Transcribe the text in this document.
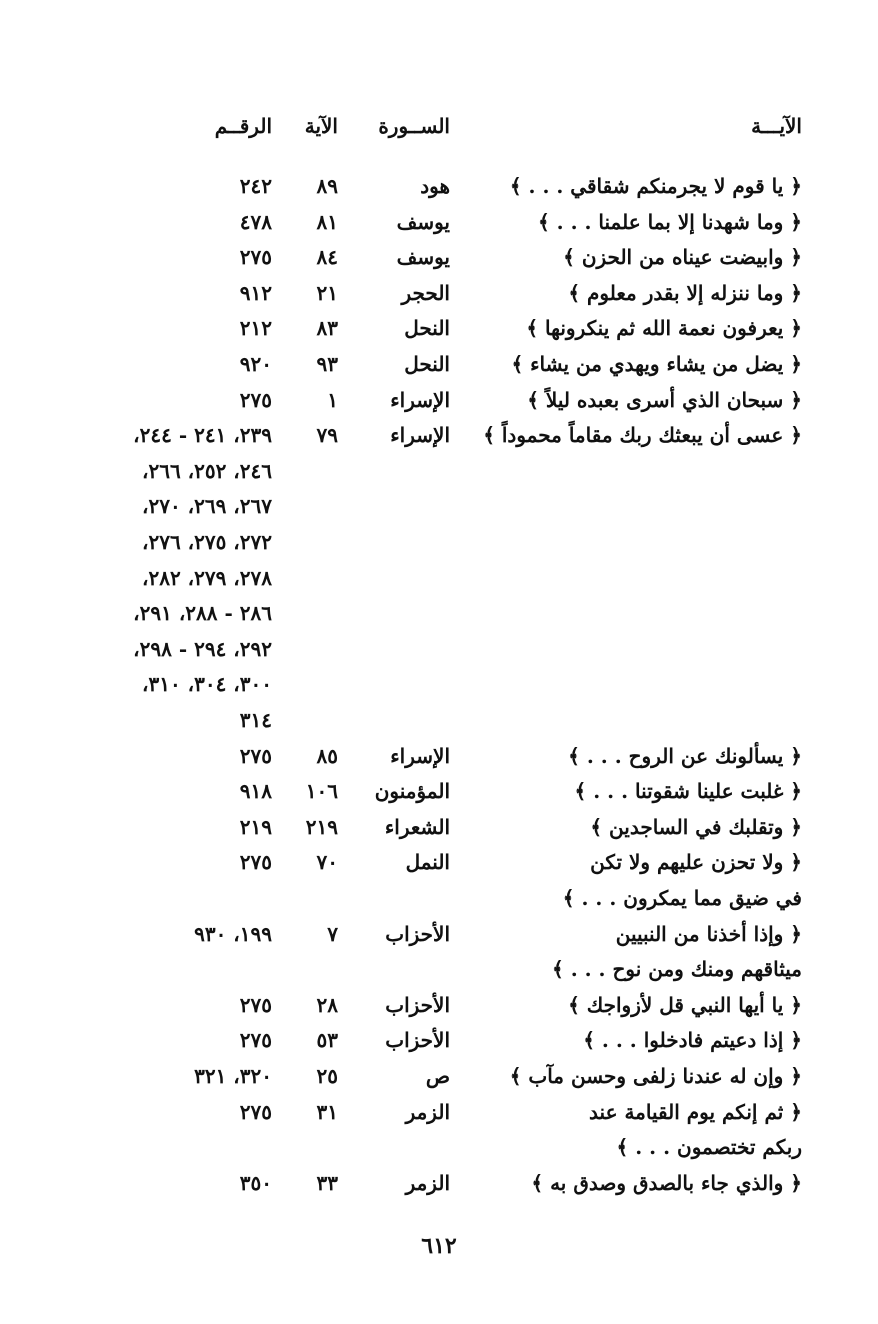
الآيـــة
الســورة
الآية
الرقــم
﴿ يا قوم لا يجرمنكم شقاقي . . . ﴾
هود
٨٩
٢٤٢
﴿ وما شهدنا إلا بما علمنا . . . ﴾
يوسف
٨١
٤٧٨
﴿ وابيضت عيناه من الحزن ﴾
يوسف
٨٤
٢٧٥
﴿ وما ننزله إلا بقدر معلوم ﴾
الحجر
٢١
٩١٢
﴿ يعرفون نعمة الله ثم ينكرونها ﴾
النحل
٨٣
٢١٢
﴿ يضل من يشاء ويهدي من يشاء ﴾
النحل
٩٣
٩٢٠
﴿ سبحان الذي أسرى بعبده ليلاً ﴾
الإسراء
١
٢٧٥
﴿ عسى أن يبعثك ربك مقاماً محموداً ﴾
الإسراء
٧٩
٢٣٩، ٢٤١ - ٢٤٤،
٢٤٦، ٢٥٢، ٢٦٦،
٢٦٧، ٢٦٩، ٢٧٠،
٢٧٢، ٢٧٥، ٢٧٦،
٢٧٨، ٢٧٩، ٢٨٢،
٢٨٦ - ٢٨٨، ٢٩١،
٢٩٢، ٢٩٤ - ٢٩٨،
٣٠٠، ٣٠٤، ٣١٠،
٣١٤
﴿ يسألونك عن الروح . . . ﴾
الإسراء
٨٥
٢٧٥
﴿ غلبت علينا شقوتنا . . . ﴾
المؤمنون
١٠٦
٩١٨
﴿ وتقلبك في الساجدين ﴾
الشعراء
٢١٩
٢١٩
﴿ ولا تحزن عليهم ولا تكن
النمل
٧٠
٢٧٥
في ضيق مما يمكرون . . . ﴾
﴿ وإذا أخذنا من النبيين
الأحزاب
٧
١٩٩، ٩٣٠
ميثاقهم ومنك ومن نوح . . . ﴾
﴿ يا أيها النبي قل لأزواجك ﴾
الأحزاب
٢٨
٢٧٥
﴿ إذا دعيتم فادخلوا . . . ﴾
الأحزاب
٥٣
٢٧٥
﴿ وإن له عندنا زلفى وحسن مآب ﴾
ص
٢٥
٣٢٠، ٣٢١
﴿ ثم إنكم يوم القيامة عند
الزمر
٣١
٢٧٥
ربكم تختصمون . . . ﴾
﴿ والذي جاء بالصدق وصدق به ﴾
الزمر
٣٣
٣٥٠
٦١٢
